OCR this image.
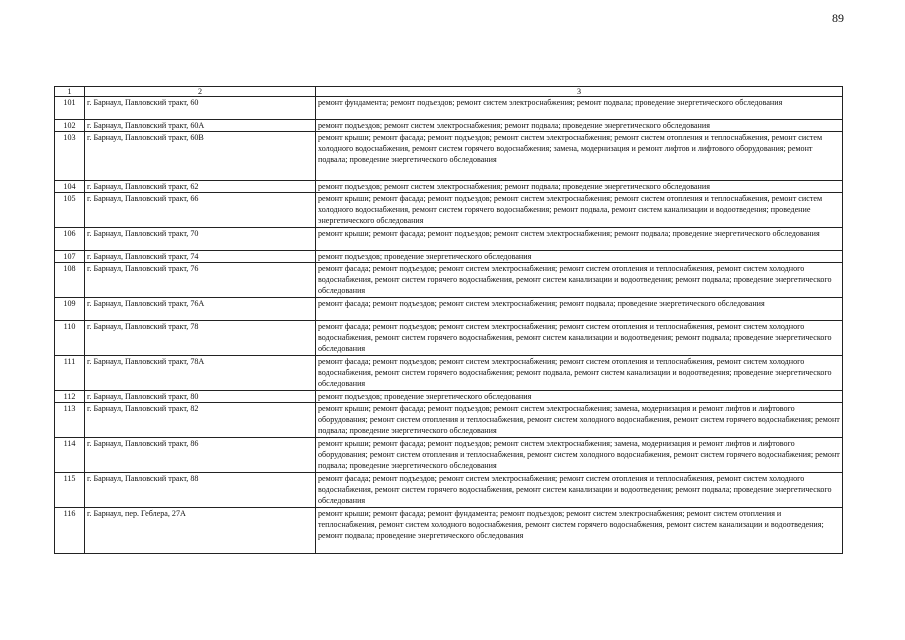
89
1	2	3
101	г. Барнаул, Павловский тракт, 60	ремонт фундамента; ремонт подъездов; ремонт систем электроснабжения; ремонт подвала; проведение энергетического обследования
102	г. Барнаул, Павловский тракт, 60А	ремонт подъездов; ремонт систем электроснабжения; ремонт подвала; проведение энергетического обследования
103	г. Барнаул, Павловский тракт, 60В	ремонт крыши; ремонт фасада; ремонт подъездов; ремонт систем электроснабжения; ремонт систем отопления и теплоснабжения, ремонт систем холодного водоснабжения, ремонт систем горячего водоснабжения; замена, модернизация и ремонт лифтов и лифтового оборудования; ремонт подвала; проведение энергетического обследования
104	г. Барнаул, Павловский тракт, 62	ремонт подъездов; ремонт систем электроснабжения; ремонт подвала; проведение энергетического обследования
105	г. Барнаул, Павловский тракт, 66	ремонт крыши; ремонт фасада; ремонт подъездов; ремонт систем электроснабжения; ремонт систем отопления и теплоснабжения, ремонт систем холодного водоснабжения, ремонт систем горячего водоснабжения; ремонт подвала, ремонт систем канализации и водоотведения; проведение энергетического обследования
106	г. Барнаул, Павловский тракт, 70	ремонт крыши; ремонт фасада; ремонт подъездов; ремонт систем электроснабжения; ремонт подвала; проведение энергетического обследования
107	г. Барнаул, Павловский тракт, 74	ремонт подъездов; проведение энергетического обследования
108	г. Барнаул, Павловский тракт, 76	ремонт фасада; ремонт подъездов; ремонт систем электроснабжения; ремонт систем отопления и теплоснабжения, ремонт систем холодного водоснабжения, ремонт систем горячего водоснабжения, ремонт систем канализации и водоотведения; ремонт подвала; проведение энергетического обследования
109	г. Барнаул, Павловский тракт, 76А	ремонт фасада; ремонт подъездов; ремонт систем электроснабжения; ремонт подвала; проведение энергетического обследования
110	г. Барнаул, Павловский тракт, 78	ремонт фасада; ремонт подъездов; ремонт систем электроснабжения; ремонт систем отопления и теплоснабжения, ремонт систем холодного водоснабжения, ремонт систем горячего водоснабжения, ремонт систем канализации и водоотведения; ремонт подвала; проведение энергетического обследования
111	г. Барнаул, Павловский тракт, 78А	ремонт фасада; ремонт подъездов; ремонт систем электроснабжения; ремонт систем отопления и теплоснабжения, ремонт систем холодного водоснабжения, ремонт систем горячего водоснабжения; ремонт подвала, ремонт систем канализации и водоотведения; проведение энергетического обследования
112	г. Барнаул, Павловский тракт, 80	ремонт подъездов; проведение энергетического обследования
113	г. Барнаул, Павловский тракт, 82	ремонт крыши; ремонт фасада; ремонт подъездов; ремонт систем электроснабжения; замена, модернизация и ремонт лифтов и лифтового оборудования; ремонт систем отопления и теплоснабжения, ремонт систем холодного водоснабжения, ремонт систем горячего водоснабжения; ремонт подвала; проведение энергетического обследования
114	г. Барнаул, Павловский тракт, 86	ремонт крыши; ремонт фасада; ремонт подъездов; ремонт систем электроснабжения; замена, модернизация и ремонт лифтов и лифтового оборудования; ремонт систем отопления и теплоснабжения, ремонт систем холодного водоснабжения, ремонт систем горячего водоснабжения; ремонт подвала; проведение энергетического обследования
115	г. Барнаул, Павловский тракт, 88	ремонт фасада; ремонт подъездов; ремонт систем электроснабжения; ремонт систем отопления и теплоснабжения, ремонт систем холодного водоснабжения, ремонт систем горячего водоснабжения, ремонт систем канализации и водоотведения; ремонт подвала; проведение энергетического обследования
116	г. Барнаул, пер. Геблера, 27А	ремонт крыши; ремонт фасада; ремонт фундамента; ремонт подъездов; ремонт систем электроснабжения; ремонт систем отопления и теплоснабжения, ремонт систем холодного водоснабжения, ремонт систем горячего водоснабжения, ремонт систем канализации и водоотведения; ремонт подвала; проведение энергетического обследования
